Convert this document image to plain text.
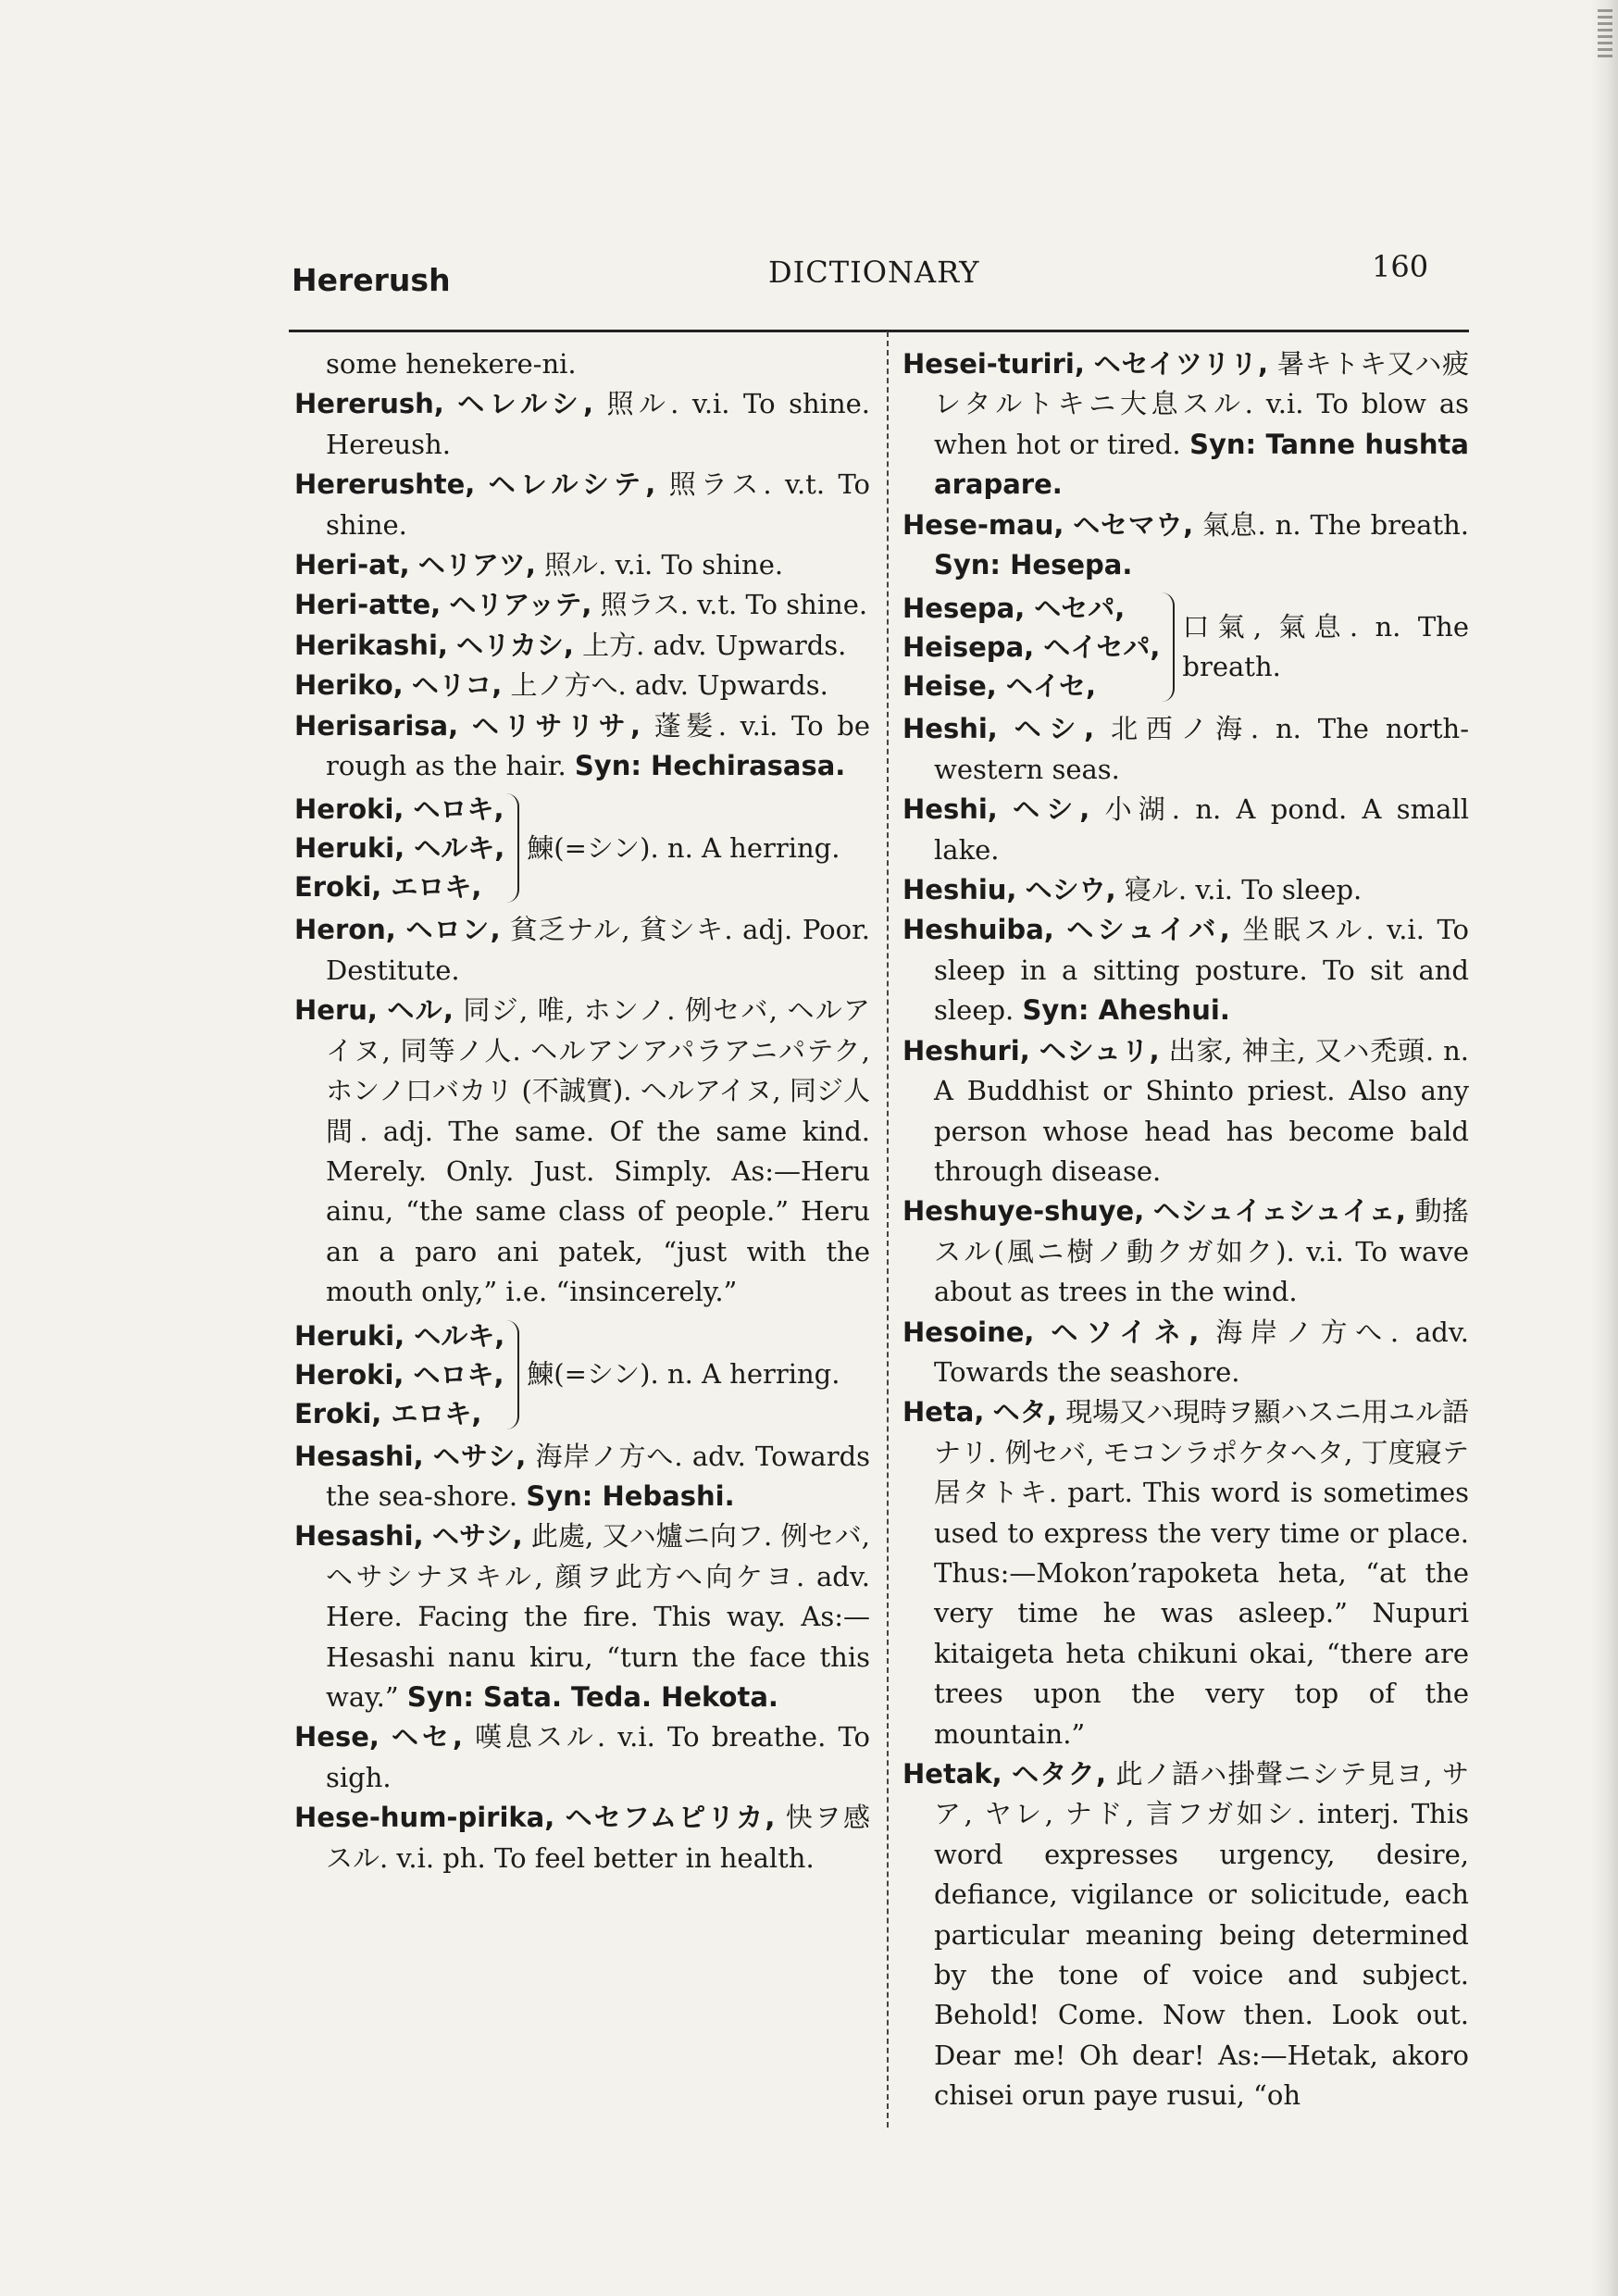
Hererush	DICTIONARY	160

some henekere-ni.

Hererush, ヘレルシ, 照ル. v.i. To shine. Hereush.

Hererushte, ヘレルシテ, 照ラス. v.t. To shine.

Heri-at, ヘリアツ, 照ル. v.i. To shine.

Heri-atte, ヘリアッテ, 照ラス. v.t. To shine.

Herikashi, ヘリカシ, 上方. adv. Upwards.

Heriko, ヘリコ, 上ノ方へ. adv. Upwards.

Herisarisa, ヘリサリサ, 蓬髪. v.i. To be rough as the hair. Syn: Hechirasasa.

Heroki, ヘロキ,
Heruki, ヘルキ,
Eroki, エロキ,
鰊(=シン). n. A herring.

Heron, ヘロン, 貧乏ナル, 貧シキ. adj. Poor. Destitute.

Heru, ヘル, 同ジ, 唯, ホンノ. 例セバ, ヘルアイヌ, 同等ノ人. ヘルアンアパラアニパテク, ホンノ口バカリ (不誠實). ヘルアイヌ, 同ジ人間. adj. The same. Of the same kind. Merely. Only. Just. Simply. As:—Heru ainu, “the same class of people.” Heru an a paro ani patek, “just with the mouth only,” i.e. “insincerely.”

Heruki, ヘルキ,
Heroki, ヘロキ,
Eroki, エロキ,
鰊(=シン). n. A herring.

Hesashi, ヘサシ, 海岸ノ方へ. adv. Towards the sea-shore. Syn: Hebashi.

Hesashi, ヘサシ, 此處, 又ハ爐ニ向フ. 例セバ, ヘサシナヌキル, 顔ヲ此方へ向ケヨ. adv. Here. Facing the fire. This way. As:—Hesashi nanu kiru, “turn the face this way.” Syn: Sata. Teda. Hekota.

Hese, ヘセ, 嘆息スル. v.i. To breathe. To sigh.

Hese-hum-pirika, ヘセフムピリカ, 快ヲ感スル. v.i. ph. To feel better in health.

Hesei-turiri, ヘセイツリリ, 暑キトキ又ハ疲レタルトキニ大息スル. v.i. To blow as when hot or tired. Syn: Tanne hushta arapare.

Hese-mau, ヘセマウ, 氣息. n. The breath. Syn: Hesepa.

Hesepa, ヘセパ,
Heisepa, ヘイセパ,
Heise, ヘイセ,
口氣, 氣息. n. The breath.

Heshi, ヘシ, 北西ノ海. n. The north-western seas.

Heshi, ヘシ, 小湖. n. A pond. A small lake.

Heshiu, ヘシウ, 寝ル. v.i. To sleep.

Heshuiba, ヘシュイバ, 坐眠スル. v.i. To sleep in a sitting posture. To sit and sleep. Syn: Aheshui.

Heshuri, ヘシュリ, 出家, 神主, 又ハ禿頭. n. A Buddhist or Shinto priest. Also any person whose head has become bald through disease.

Heshuye-shuye, ヘシュイェシュイェ, 動搖スル(風ニ樹ノ動クガ如ク). v.i. To wave about as trees in the wind.

Hesoine, ヘソイネ, 海岸ノ方へ. adv. Towards the seashore.

Heta, ヘタ, 現場又ハ現時ヲ顯ハスニ用ユル語ナリ. 例セバ, モコンラポケタヘタ, 丁度寢テ居タトキ. part. This word is sometimes used to express the very time or place. Thus:—Mokon’rapoketa heta, “at the very time he was asleep.” Nupuri kitaigeta heta chikuni okai, “there are trees upon the very top of the mountain.”

Hetak, ヘタク, 此ノ語ハ掛聲ニシテ見ヨ, サア, ヤレ, ナド, 言フガ如シ. interj. This word expresses urgency, desire, defiance, vigilance or solicitude, each particular meaning being determined by the tone of voice and subject. Behold! Come. Now then. Look out. Dear me! Oh dear! As:—Hetak, akoro chisei orun paye rusui, “oh
